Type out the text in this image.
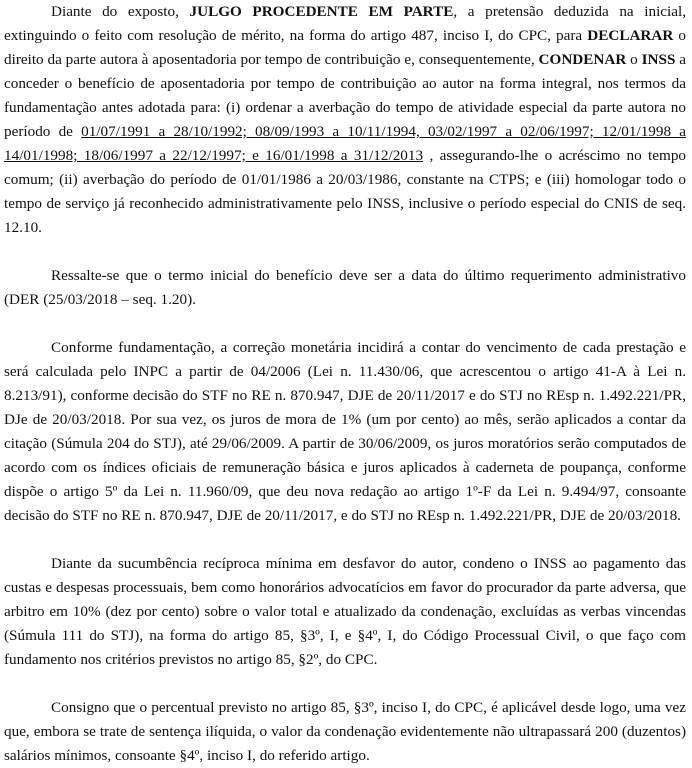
Diante do exposto, JULGO PROCEDENTE EM PARTE, a pretensão deduzida na inicial, extinguindo o feito com resolução de mérito, na forma do artigo 487, inciso I, do CPC, para DECLARAR o direito da parte autora à aposentadoria por tempo de contribuição e, consequentemente, CONDENAR o INSS a conceder o benefício de aposentadoria por tempo de contribuição ao autor na forma integral, nos termos da fundamentação antes adotada para: (i) ordenar a averbação do tempo de atividade especial da parte autora no período de 01/07/1991 a 28/10/1992; 08/09/1993 a 10/11/1994, 03/02/1997 a 02/06/1997; 12/01/1998 a 14/01/1998; 18/06/1997 a 22/12/1997; e 16/01/1998 a 31/12/2013 , assegurando-lhe o acréscimo no tempo comum; (ii) averbação do período de 01/01/1986 a 20/03/1986, constante na CTPS; e (iii) homologar todo o tempo de serviço já reconhecido administrativamente pelo INSS, inclusive o período especial do CNIS de seq. 12.10.

Ressalte-se que o termo inicial do benefício deve ser a data do último requerimento administrativo (DER (25/03/2018 – seq. 1.20).

Conforme fundamentação, a correção monetária incidirá a contar do vencimento de cada prestação e será calculada pelo INPC a partir de 04/2006 (Lei n. 11.430/06, que acrescentou o artigo 41-A à Lei n. 8.213/91), conforme decisão do STF no RE n. 870.947, DJE de 20/11/2017 e do STJ no REsp n. 1.492.221/PR, DJe de 20/03/2018. Por sua vez, os juros de mora de 1% (um por cento) ao mês, serão aplicados a contar da citação (Súmula 204 do STJ), até 29/06/2009. A partir de 30/06/2009, os juros moratórios serão computados de acordo com os índices oficiais de remuneração básica e juros aplicados à caderneta de poupança, conforme dispõe o artigo 5º da Lei n. 11.960/09, que deu nova redação ao artigo 1º-F da Lei n. 9.494/97, consoante decisão do STF no RE n. 870.947, DJE de 20/11/2017, e do STJ no REsp n. 1.492.221/PR, DJE de 20/03/2018.

Diante da sucumbência recíproca mínima em desfavor do autor, condeno o INSS ao pagamento das custas e despesas processuais, bem como honorários advocatícios em favor do procurador da parte adversa, que arbitro em 10% (dez por cento) sobre o valor total e atualizado da condenação, excluídas as verbas vincendas (Súmula 111 do STJ), na forma do artigo 85, §3º, I, e §4º, I, do Código Processual Civil, o que faço com fundamento nos critérios previstos no artigo 85, §2º, do CPC.

Consigno que o percentual previsto no artigo 85, §3º, inciso I, do CPC, é aplicável desde logo, uma vez que, embora se trate de sentença ilíquida, o valor da condenação evidentemente não ultrapassará 200 (duzentos) salários mínimos, consoante §4º, inciso I, do referido artigo.
